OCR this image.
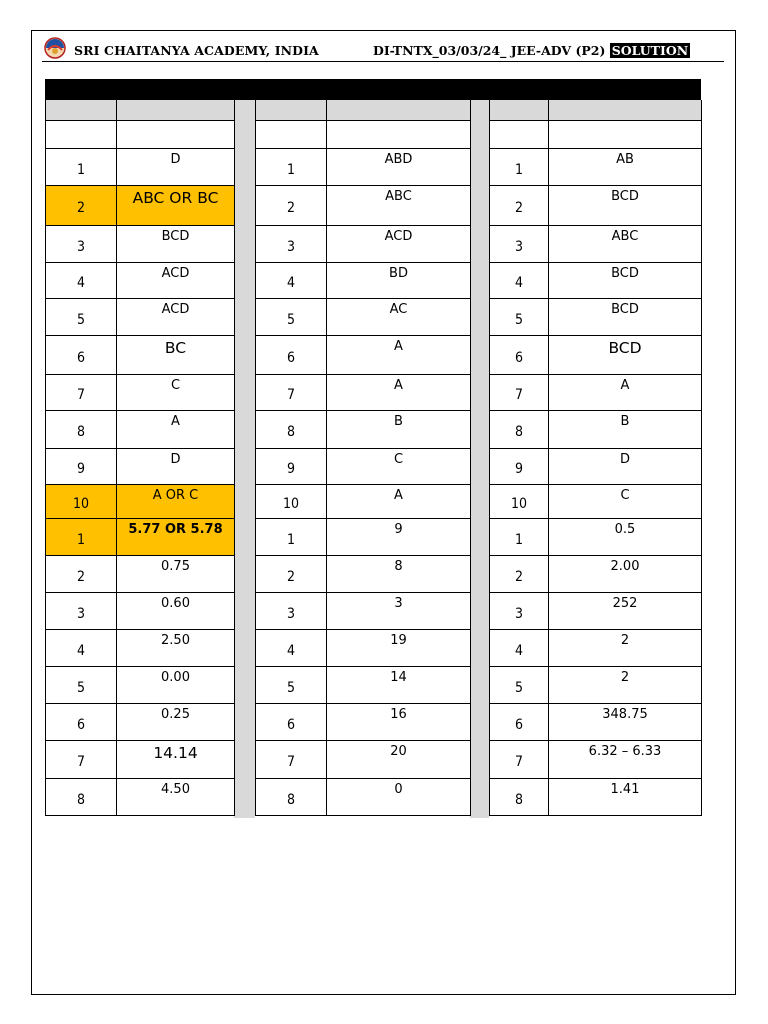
SRI CHAITANYA ACADEMY, INDIA	DI-TNTX_03/03/24_ JEE-ADV (P2) SOLUTION

1	D
2	ABC OR BC
3	BCD
4	ACD
5	ACD
6	BC
7	C
8	A
9	D
10	A OR C
1	5.77 OR 5.78
2	0.75
3	0.60
4	2.50
5	0.00
6	0.25
7	14.14
8	4.50

1	ABD
2	ABC
3	ACD
4	BD
5	AC
6	A
7	A
8	B
9	C
10	A
1	9
2	8
3	3
4	19
5	14
6	16
7	20
8	0

1	AB
2	BCD
3	ABC
4	BCD
5	BCD
6	BCD
7	A
8	B
9	D
10	C
1	0.5
2	2.00
3	252
4	2
5	2
6	348.75
7	6.32 – 6.33
8	1.41
